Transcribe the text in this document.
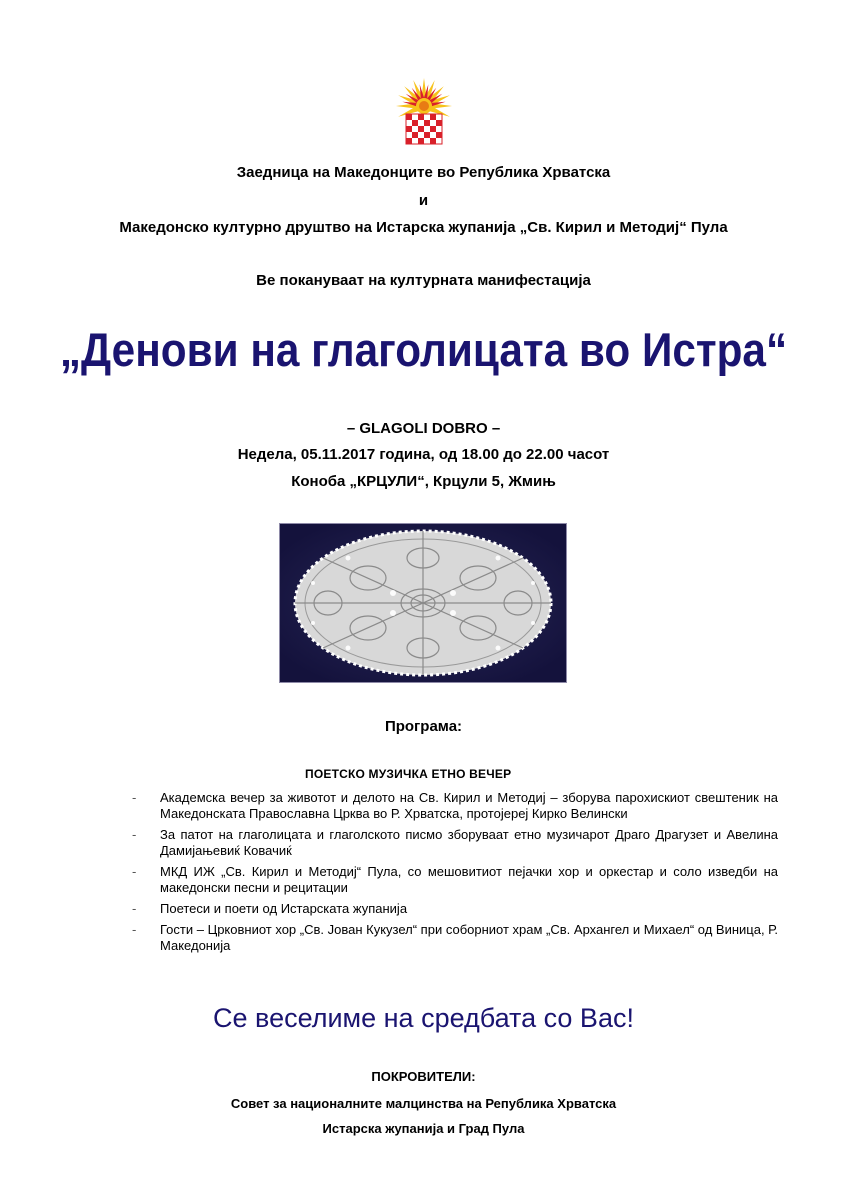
Заедница на Македонците во Република Хрватска
и
Македонско културно друштво на Истарска жупанија „Св. Кирил и Методиј“ Пула
Ве покануваат на културната манифестација
„Денови на глаголицата во Истра“
– GLAGOLI DOBRO –
Недела, 05.11.2017 година, од 18.00 до 22.00 часот
Конобa „КРЦУЛИ“, Крцули 5, Жмињ
Програма:
ПОЕТСКО МУЗИЧКА ЕТНО ВЕЧЕР
- Академска вечер за животот и делото на Св. Кирил и Методиј – зборува парохискиот свештеник на Македонската Православна Црква во Р. Хрватска, протојереј Кирко Велински
- За патот на глаголицата и глаголското писмо зборуваат етно музичарот Драго Драгузет и Авелина Дамијањевиќ Ковачиќ
- МКД ИЖ „Св. Кирил и Методиј“ Пула, со мешовитиот пејачки хор и оркестар и соло изведби на македонски песни и рецитации
- Поетеси и поети од Истарската жупанија
- Гости – Црковниот хор „Св. Јован Кукузел“ при соборниот храм „Св. Архангел и Михаел“ од Виница, Р. Македонија
Се веселиме на средбата со Вас!
ПОКРОВИТЕЛИ:
Совет за националните малцинства на Република Хрватска
Истарска жупанија и Град Пула
